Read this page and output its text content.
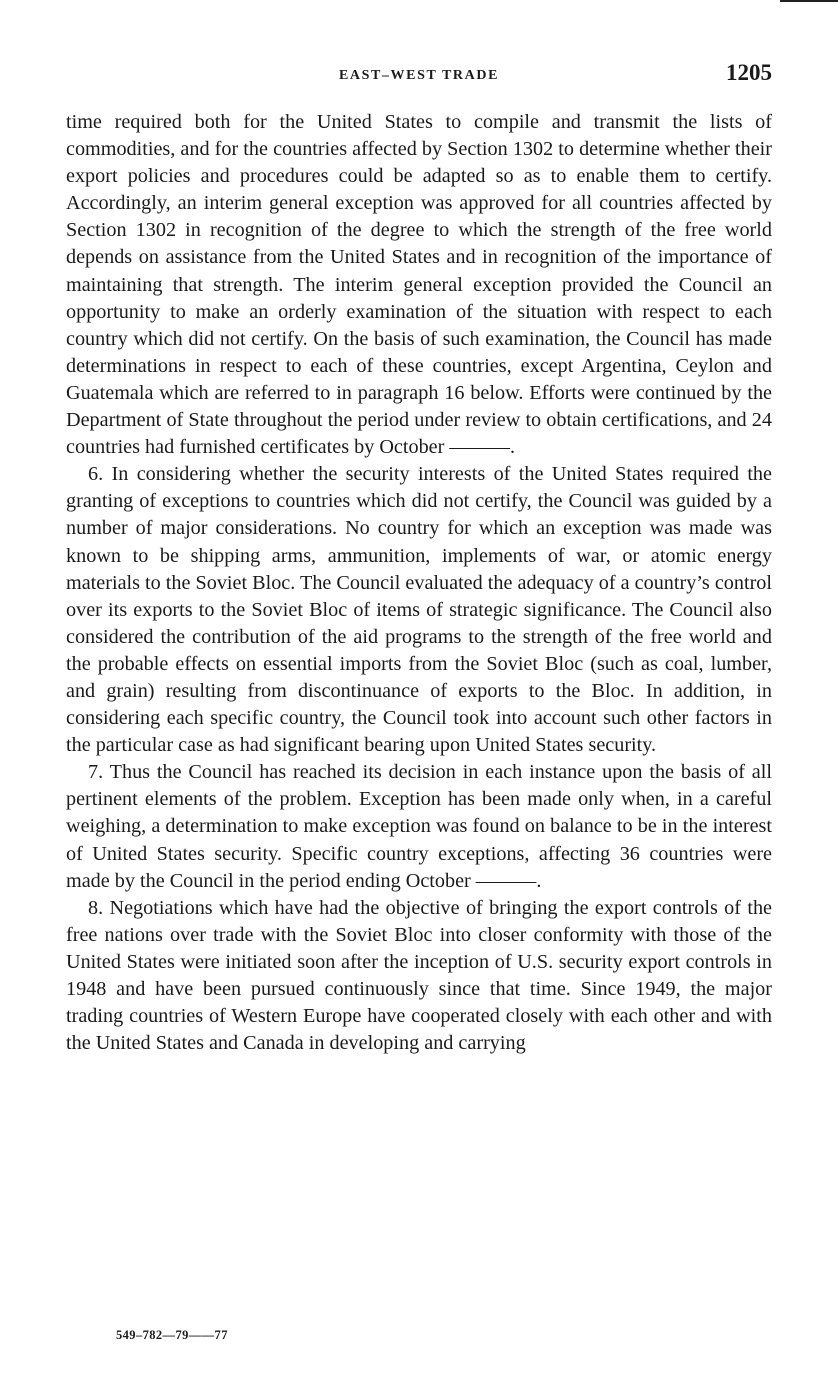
EAST–WEST TRADE	1205

time required both for the United States to compile and transmit the lists of commodities, and for the countries affected by Section 1302 to determine whether their export policies and procedures could be adapted so as to enable them to certify. Accordingly, an interim general exception was approved for all countries affected by Section 1302 in recognition of the degree to which the strength of the free world depends on assistance from the United States and in recognition of the importance of maintaining that strength. The interim general exception provided the Council an opportunity to make an orderly examination of the situation with respect to each country which did not certify. On the basis of such examination, the Council has made determinations in respect to each of these countries, except Argentina, Ceylon and Guatemala which are referred to in paragraph 16 below. Efforts were continued by the Department of State throughout the period under review to obtain certifications, and 24 countries had furnished certificates by October ———.

6. In considering whether the security interests of the United States required the granting of exceptions to countries which did not certify, the Council was guided by a number of major considerations. No country for which an exception was made was known to be shipping arms, ammunition, implements of war, or atomic energy materials to the Soviet Bloc. The Council evaluated the adequacy of a country’s control over its exports to the Soviet Bloc of items of strategic significance. The Council also considered the contribution of the aid programs to the strength of the free world and the probable effects on essential imports from the Soviet Bloc (such as coal, lumber, and grain) resulting from discontinuance of exports to the Bloc. In addition, in considering each specific country, the Council took into account such other factors in the particular case as had significant bearing upon United States security.

7. Thus the Council has reached its decision in each instance upon the basis of all pertinent elements of the problem. Exception has been made only when, in a careful weighing, a determination to make exception was found on balance to be in the interest of United States security. Specific country exceptions, affecting 36 countries were made by the Council in the period ending October ———.

8. Negotiations which have had the objective of bringing the export controls of the free nations over trade with the Soviet Bloc into closer conformity with those of the United States were initiated soon after the inception of U.S. security export controls in 1948 and have been pursued continuously since that time. Since 1949, the major trading countries of Western Europe have cooperated closely with each other and with the United States and Canada in developing and carrying

549–782—79——77
